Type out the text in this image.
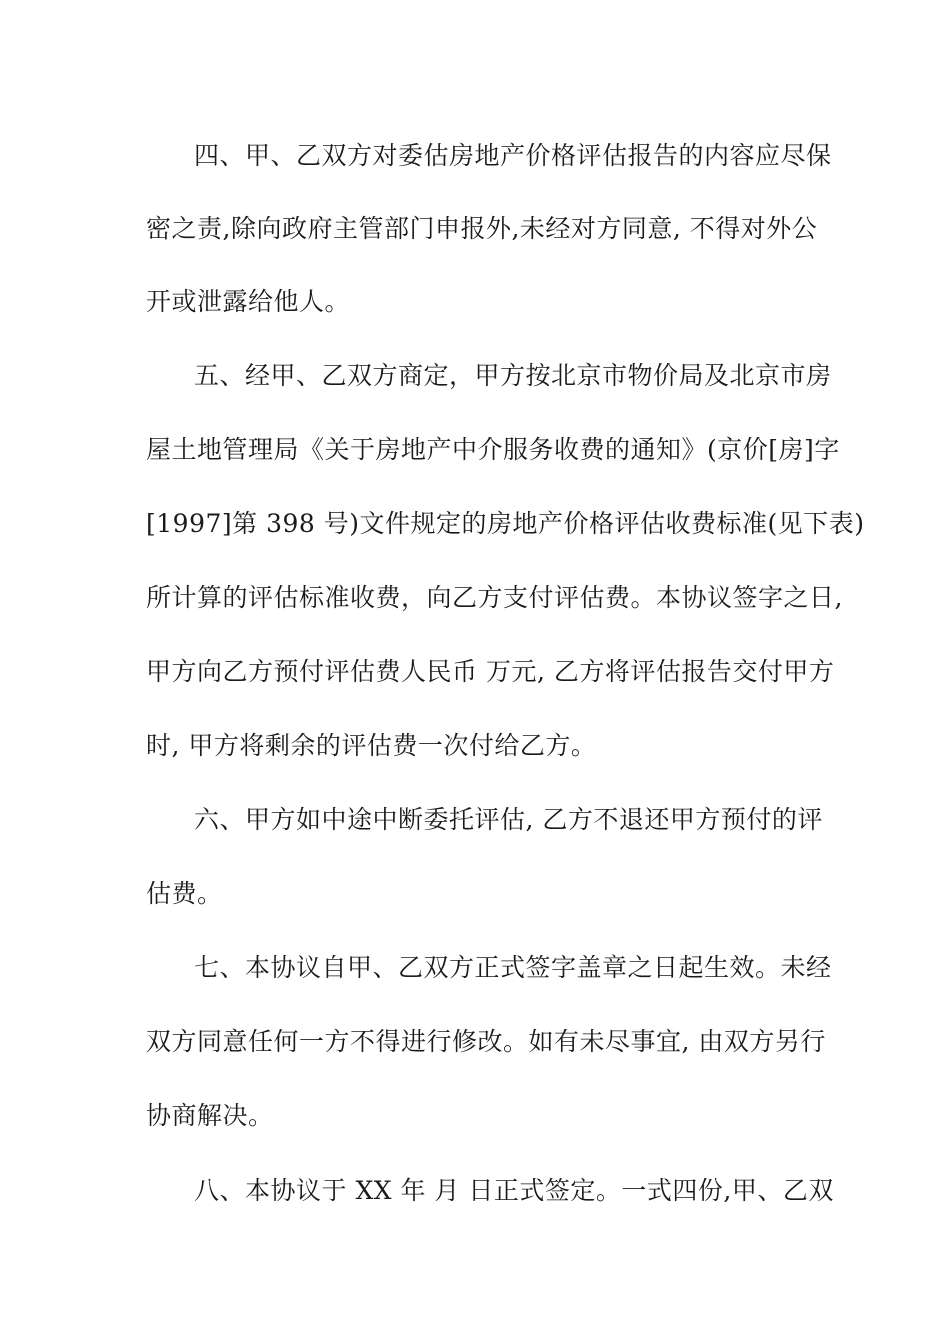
四、甲、乙双方对委估房地产价格评估报告的内容应尽保
密之责,除向政府主管部门申报外,未经对方同意, 不得对外公
开或泄露给他人。
五、经甲、乙双方商定，甲方按北京市物价局及北京市房
屋土地管理局《关于房地产中介服务收费的通知》(京价[房]字
[1997]第 398 号)文件规定的房地产价格评估收费标准(见下表)
所计算的评估标准收费，向乙方支付评估费。本协议签字之日,
甲方向乙方预付评估费人民币 万元, 乙方将评估报告交付甲方
时, 甲方将剩余的评估费一次付给乙方。
六、甲方如中途中断委托评估, 乙方不退还甲方预付的评
估费。
七、本协议自甲、乙双方正式签字盖章之日起生效。未经
双方同意任何一方不得进行修改。如有未尽事宜, 由双方另行
协商解决。
八、本协议于 XX 年 月 日正式签定。一式四份,甲、乙双
